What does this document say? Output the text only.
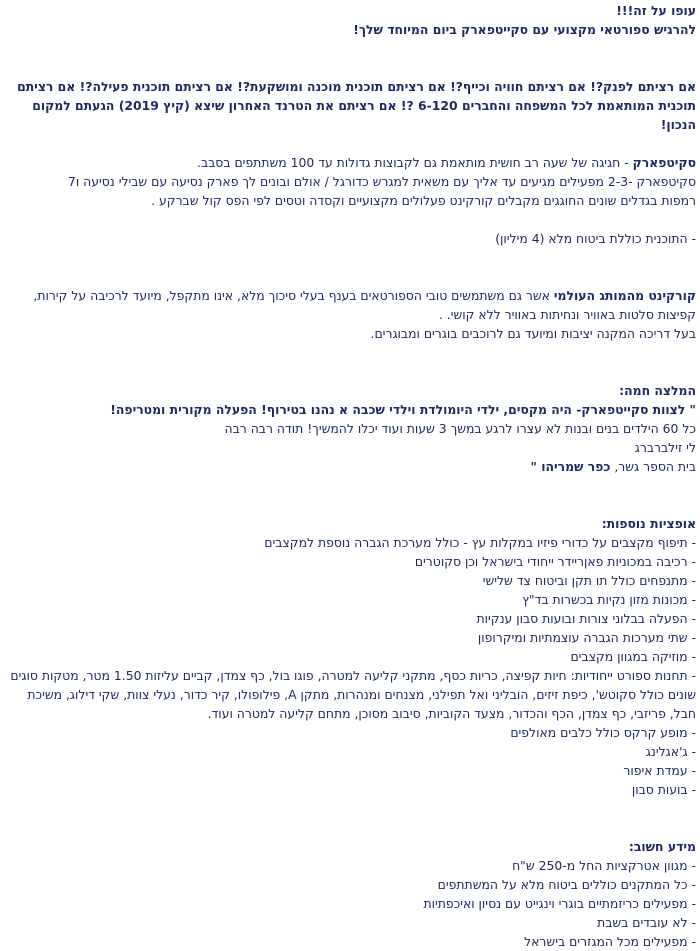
עופו על זה!!!

להרגיש ספורטאי מקצועי עם סקייטפארק ביום המיוחד שלך!

אם רציתם לפנק?! אם רציתם חוויה וכייף?! אם רציתם תוכנית מוכנה ומושקעת?! אם רציתם תוכנית פעילה?! אם רציתם

תוכנית המותאמת לכל המשפחה והחברים 6-120 ?! אם רציתם את הטרנד האחרון שיצא (קיץ 2019) הגעתם למקום הנכון!

סקיטפארק - חגיגה של שעה רב חושית מותאמת גם לקבוצות גדולות עד 100 משתתפים בסבב.

סקיטפארק -2-3 מפעילים מגיעים עד אליך עם משאית למגרש כדורגל / אולם ובונים לך פארק נסיעה עם שבילי נסיעה ו7

רמפות בגדלים שונים החוגגים מקבלים קורקינט פעלולים מקצועיים וקסדה וטסים לפי הפס קול שברקע .

- התוכנית כוללת ביטוח מלא (4 מיליון)

קורקינט מהמותג העולמי אשר גם משתמשים טובי הספורטאים בענף בעלי סיכוך מלא, אינו מתקפל, מיועד לרכיבה על קירות,

קפיצות סלטות באוויר ונחיתות באוויר ללא קושי. .

בעל דריכה המקנה יציבות ומיועד גם לרוכבים בוגרים ומבוגרים.

המלצה חמה:

" לצוות סקייטפארק- היה מקסים, ילדי היומולדת וילדי שכבה א נהנו בטירוף! הפעלה מקורית ומטריפה!

כל 60 הילדים בנים ובנות לא עצרו לרגע במשך 3 שעות ועוד יכלו להמשיך! תודה רבה רבה

לי זילברברג

בית הספר גשר, כפר שמריהו "

אופציות נוספות:

- תיפוף מקצבים על כדורי פיזיו במקלות עץ - כולל מערכת הגברה נוספת למקצבים
- רכיבה במכוניות פאןריידר ייחודי בישראל וכן סקוטרים
- מתנפחים כולל תו תקן וביטוח צד שלישי
- מכונות מזון נקיות בכשרות בד"ץ
- הפעלה בבלוני צורות ובועות סבון ענקיות
- שתי מערכות הגברה עוצמתיות ומיקרופון
- מוזיקה במגוון מקצבים
- תחנות ספורט ייחודיות: חיות קפיצה, כריות כסף, מתקני קליעה למטרה, פוגו בול, כף צמדן, קביים עליזות 1.50 מטר, מטקות סוגים
שונים כולל סקוטש', כיפת זיזים, הובליני ואל תפילני, מצנחים ומנהרות, מתקן A, פילופולו, קיר כדור, נעלי צוות, שקי דילוג, משיכת
חבל, פריזבי, כף צמדן, הכף והכדור, מצעד הקוביות, סיבוב מסוכן, מתחם קליעה למטרה ועוד.
- מופע קרקס כולל כלבים מאולפים
- ג'אגלינג
- עמדת איפור
- בועות סבון

מידע חשוב:

- מגוון אטרקציות החל מ-250 ש"ח
- כל המתקנים כוללים ביטוח מלא על המשתתפים
- מפעילים כריזמתיים בוגרי וינגייט עם נסיון ואיכפתיות
- לא עובדים בשבת
- מפעילים מכל המגזרים בישראל
